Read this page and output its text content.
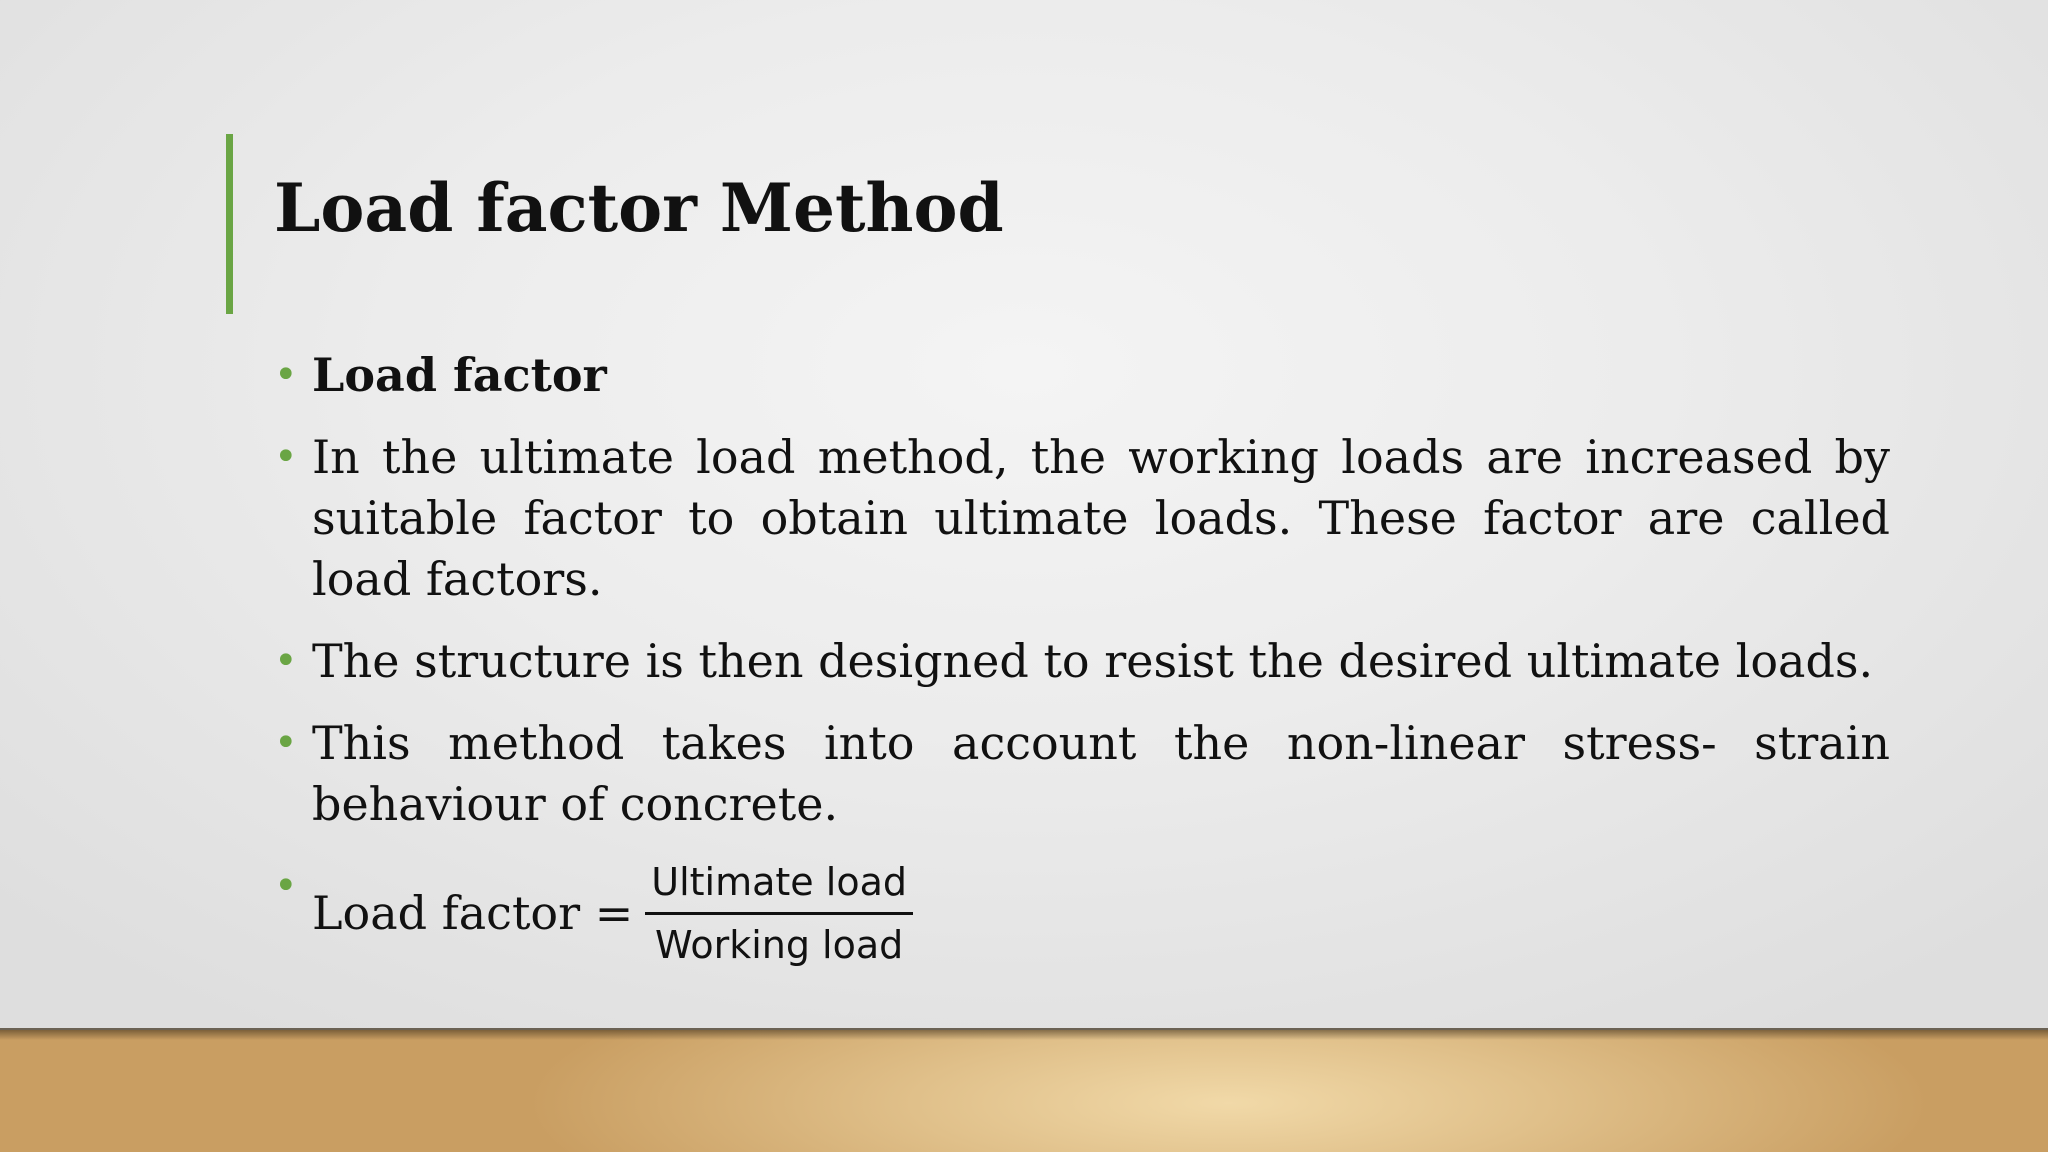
Load factor Method
• Load factor
• In the ultimate load method, the working loads are increased by suitable factor to obtain ultimate loads. These factor are called load factors.
• The structure is then designed to resist the desired ultimate loads.
• This method takes into account the non-linear stress- strain behaviour of concrete.
• Load factor = $\frac{\text{Ultimate load}}{\text{Working load}}$
